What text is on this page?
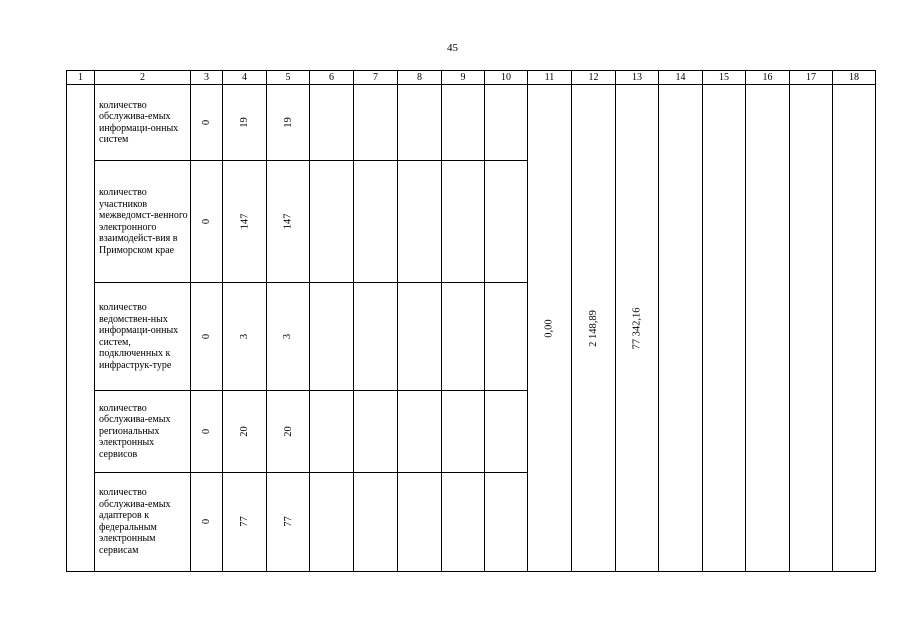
45
1	2	3	4	5	6	7	8	9	10	11	12	13	14	15	16	17	18
	количество обслужива-емых информаци-онных систем	0	19	19						0,00	2 148,89	77 342,16					
	количество участников межведомст-венного электронного взаимодейст-вия в Приморском крае	0	147	147													
	количество ведомствен-ных информаци-онных систем, подключенных к инфраструк-туре	0	3	3													
	количество обслужива-емых региональных электронных сервисов	0	20	20													
	количество обслужива-емых адаптеров к федеральным электронным сервисам	0	77	77													
